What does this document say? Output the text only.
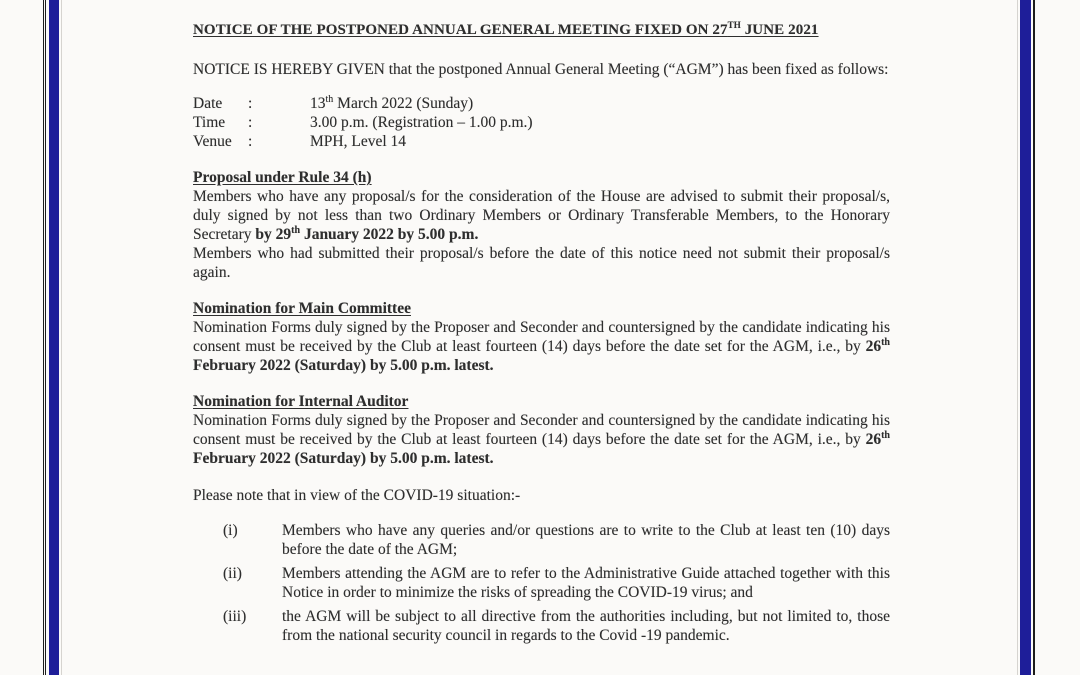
NOTICE OF THE POSTPONED ANNUAL GENERAL MEETING FIXED ON 27TH JUNE 2021

NOTICE IS HEREBY GIVEN that the postponed Annual General Meeting (“AGM”) has been fixed as follows:

Date	:	13th March 2022 (Sunday)
Time	:	3.00 p.m. (Registration – 1.00 p.m.)
Venue	:	MPH, Level 14
Proposal under Rule 34 (h)

Members who have any proposal/s for the consideration of the House are advised to submit their proposal/s, duly signed by not less than two Ordinary Members or Ordinary Transferable Members, to the Honorary Secretary by 29th January 2022 by 5.00 p.m.

Members who had submitted their proposal/s before the date of this notice need not submit their proposal/s again.

Nomination for Main Committee

Nomination Forms duly signed by the Proposer and Seconder and countersigned by the candidate indicating his consent must be received by the Club at least fourteen (14) days before the date set for the AGM, i.e., by 26th February 2022 (Saturday) by 5.00 p.m. latest.

Nomination for Internal Auditor

Nomination Forms duly signed by the Proposer and Seconder and countersigned by the candidate indicating his consent must be received by the Club at least fourteen (14) days before the date set for the AGM, i.e., by 26th February 2022 (Saturday) by 5.00 p.m. latest.

Please note that in view of the COVID-19 situation:-

(i)	Members who have any queries and/or questions are to write to the Club at least ten (10) days before the date of the AGM;
(ii)	Members attending the AGM are to refer to the Administrative Guide attached together with this Notice in order to minimize the risks of spreading the COVID-19 virus; and
(iii)	the AGM will be subject to all directive from the authorities including, but not limited to, those from the national security council in regards to the Covid -19 pandemic.
